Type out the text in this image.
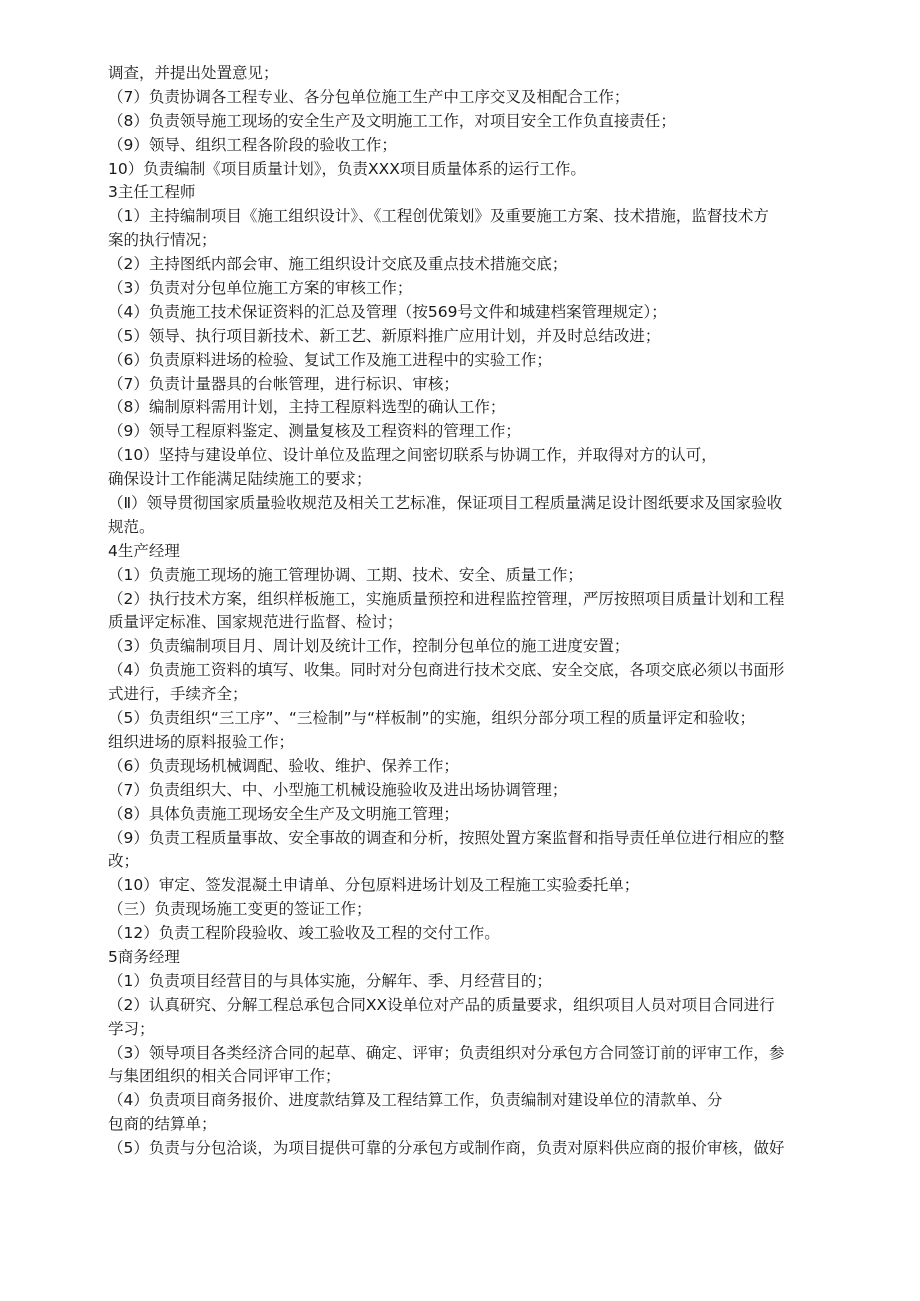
调查，并提出处置意见；
（7）负责协调各工程专业、各分包单位施工生产中工序交叉及相配合工作；
（8）负责领导施工现场的安全生产及文明施工工作，对项目安全工作负直接责任；
（9）领导、组织工程各阶段的验收工作；
10）负责编制《项目质量计划》，负责XXX项目质量体系的运行工作。
3主任工程师
（1）主持编制项目《施工组织设计》、《工程创优策划》及重要施工方案、技术措施，监督技术方
案的执行情况；
（2）主持图纸内部会审、施工组织设计交底及重点技术措施交底；
（3）负责对分包单位施工方案的审核工作；
（4）负责施工技术保证资料的汇总及管理（按569号文件和城建档案管理规定）；
（5）领导、执行项目新技术、新工艺、新原料推广应用计划，并及时总结改进；
（6）负责原料进场的检验、复试工作及施工进程中的实验工作；
（7）负责计量器具的台帐管理，进行标识、审核；
（8）编制原料需用计划，主持工程原料选型的确认工作；
（9）领导工程原料鉴定、测量复核及工程资料的管理工作；
（10）坚持与建设单位、设计单位及监理之间密切联系与协调工作，并取得对方的认可，
确保设计工作能满足陆续施工的要求；
（Ⅱ）领导贯彻国家质量验收规范及相关工艺标准，保证项目工程质量满足设计图纸要求及国家验收
规范。
4生产经理
（1）负责施工现场的施工管理协调、工期、技术、安全、质量工作；
（2）执行技术方案，组织样板施工，实施质量预控和进程监控管理，严厉按照项目质量计划和工程
质量评定标准、国家规范进行监督、检讨；
（3）负责编制项目月、周计划及统计工作，控制分包单位的施工进度安置；
（4）负责施工资料的填写、收集。同时对分包商进行技术交底、安全交底，各项交底必须以书面形
式进行，手续齐全；
（5）负责组织“三工序”、“三检制”与“样板制”的实施，组织分部分项工程的质量评定和验收；
组织进场的原料报验工作；
（6）负责现场机械调配、验收、维护、保养工作；
（7）负责组织大、中、小型施工机械设施验收及进出场协调管理；
（8）具体负责施工现场安全生产及文明施工管理；
（9）负责工程质量事故、安全事故的调查和分析，按照处置方案监督和指导责任单位进行相应的整
改；
（10）审定、签发混凝土申请单、分包原料进场计划及工程施工实验委托单；
（三）负责现场施工变更的签证工作；
（12）负责工程阶段验收、竣工验收及工程的交付工作。
5商务经理
（1）负责项目经营目的与具体实施，分解年、季、月经营目的；
（2）认真研究、分解工程总承包合同XX设单位对产品的质量要求，组织项目人员对项目合同进行
学习；
（3）领导项目各类经济合同的起草、确定、评审；负责组织对分承包方合同签订前的评审工作，参
与集团组织的相关合同评审工作；
（4）负责项目商务报价、进度款结算及工程结算工作，负责编制对建设单位的清款单、分
包商的结算单；
（5）负责与分包洽谈，为项目提供可靠的分承包方或制作商，负责对原料供应商的报价审核，做好
